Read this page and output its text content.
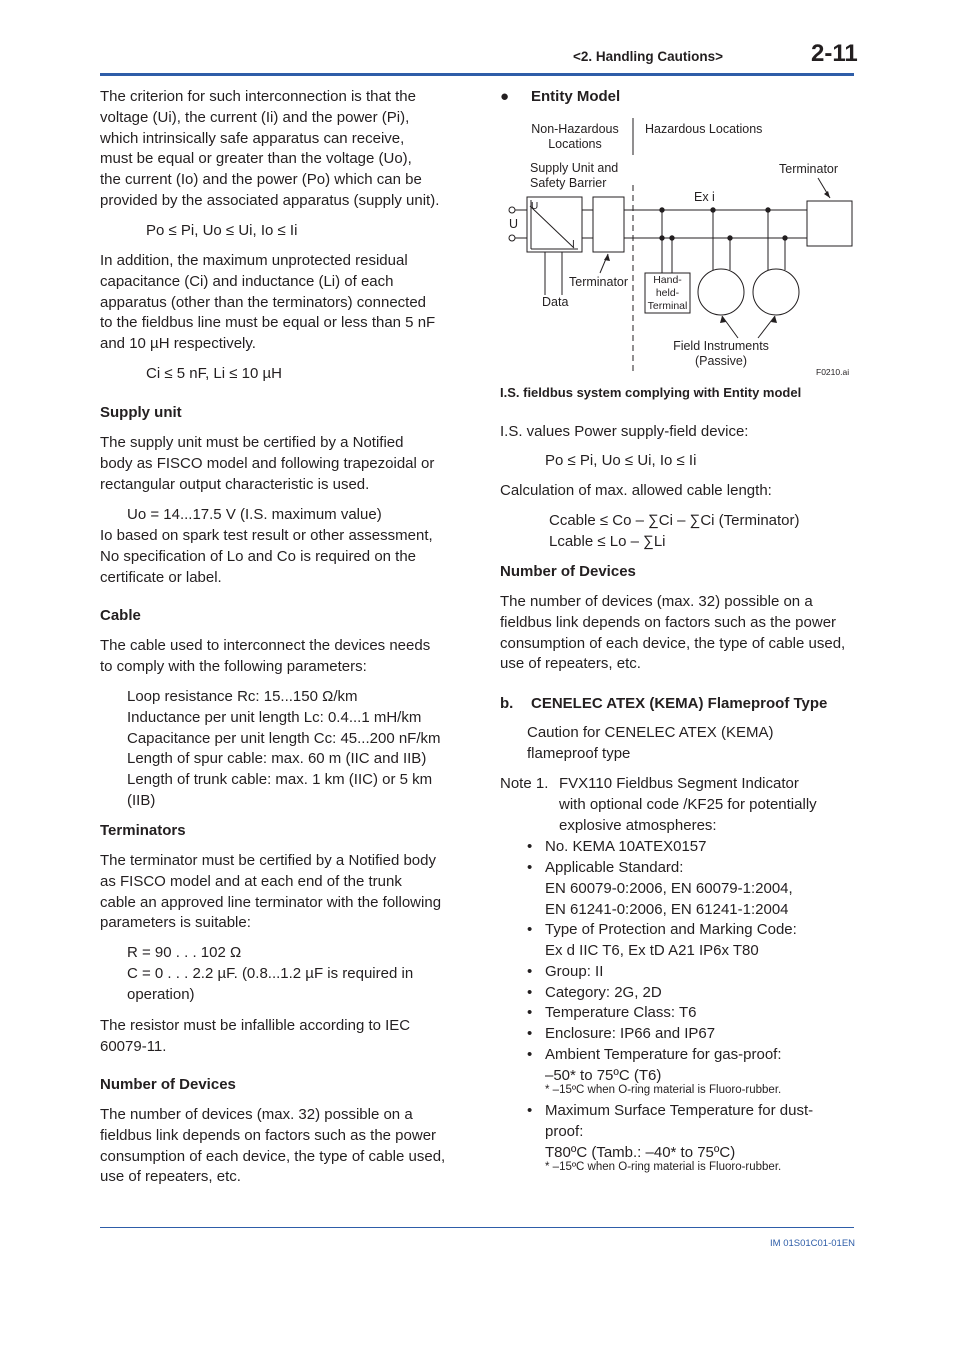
<2. Handling Cautions>	2-11
The criterion for such interconnection is that the
voltage (Ui), the current (Ii) and the power (Pi),
which intrinsically safe apparatus can receive,
must be equal or greater than the voltage (Uo),
the current (Io) and the power (Po) which can be
provided by the associated apparatus (supply unit).
Po ≤ Pi, Uo ≤ Ui, Io ≤ Ii
In addition, the maximum unprotected residual
capacitance (Ci) and inductance (Li) of each
apparatus (other than the terminators) connected
to the fieldbus line must be equal or less than 5 nF
and 10 µH respectively.
Ci ≤ 5 nF, Li ≤ 10 µH
Supply unit
The supply unit must be certified by a Notified
body as FISCO model and following trapezoidal or
rectangular output characteristic is used.
Uo = 14...17.5 V (I.S. maximum value)
Io based on spark test result or other assessment,
No specification of Lo and Co is required on the
certificate or label.
Cable
The cable used to interconnect the devices needs
to comply with the following parameters:
Loop resistance Rc: 15...150 Ω/km
Inductance per unit length Lc: 0.4...1 mH/km
Capacitance per unit length Cc: 45...200 nF/km
Length of spur cable: max. 60 m (IIC and IIB)
Length of trunk cable: max. 1 km (IIC) or 5 km
(IIB)
Terminators
The terminator must be certified by a Notified body
as FISCO model and at each end of the trunk
cable an approved line terminator with the following
parameters is suitable:
R = 90 . . . 102 Ω
C = 0 . . . 2.2 µF. (0.8...1.2 µF is required in
operation)
The resistor must be infallible according to IEC
60079-11.
Number of Devices
The number of devices (max. 32) possible on a
fieldbus link depends on factors such as the power
consumption of each device, the type of cable used,
use of repeaters, etc.
● Entity Model
Non-Hazardous
Locations
Hazardous Locations
Supply Unit and
Safety Barrier
Terminator
Ex i
U
U
I
Terminator
Data
Hand-
held-
Terminal
Field Instruments
(Passive)
F0210.ai
I.S. fieldbus system complying with Entity model
I.S. values Power supply-field device:
Po ≤ Pi, Uo ≤ Ui, Io ≤ Ii
Calculation of max. allowed cable length:
Ccable ≤ Co – ∑Ci – ∑Ci (Terminator)
Lcable ≤ Lo – ∑Li
Number of Devices
The number of devices (max. 32) possible on a
fieldbus link depends on factors such as the power
consumption of each device, the type of cable used,
use of repeaters, etc.
b. CENELEC ATEX (KEMA) Flameproof Type
Caution for CENELEC ATEX (KEMA)
flameproof type
Note 1. FVX110 Fieldbus Segment Indicator
with optional code /KF25 for potentially
explosive atmospheres:
• No. KEMA 10ATEX0157
• Applicable Standard:
EN 60079-0:2006, EN 60079-1:2004,
EN 61241-0:2006, EN 61241-1:2004
• Type of Protection and Marking Code:
Ex d IIC T6, Ex tD A21 IP6x T80
• Group: II
• Category: 2G, 2D
• Temperature Class: T6
• Enclosure: IP66 and IP67
• Ambient Temperature for gas-proof:
–50* to 75ºC (T6)
* –15ºC when O-ring material is Fluoro-rubber.
• Maximum Surface Temperature for dust-
proof:
T80ºC (Tamb.: –40* to 75ºC)
* –15ºC when O-ring material is Fluoro-rubber.
IM 01S01C01-01EN
